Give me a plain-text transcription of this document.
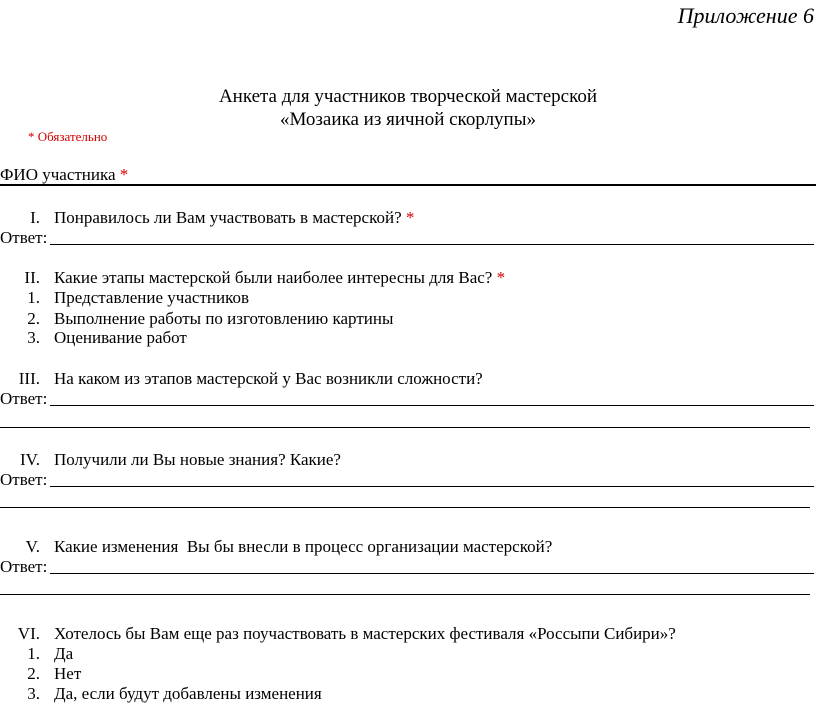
Приложение 6
Анкета для участников творческой мастерской
«Мозаика из яичной скорлупы»
* Обязательно
ФИО участника *
I. Понравилось ли Вам участвовать в мастерской? *
Ответ:
II. Какие этапы мастерской были наиболее интересны для Вас? *
1. Представление участников
2. Выполнение работы по изготовлению картины
3. Оценивание работ
III. На каком из этапов мастерской у Вас возникли сложности?
Ответ:
IV. Получили ли Вы новые знания? Какие?
Ответ:
V. Какие изменения  Вы бы внесли в процесс организации мастерской?
Ответ:
VI. Хотелось бы Вам еще раз поучаствовать в мастерских фестиваля «Россыпи Сибири»?
1. Да
2. Нет
3. Да, если будут добавлены изменения
